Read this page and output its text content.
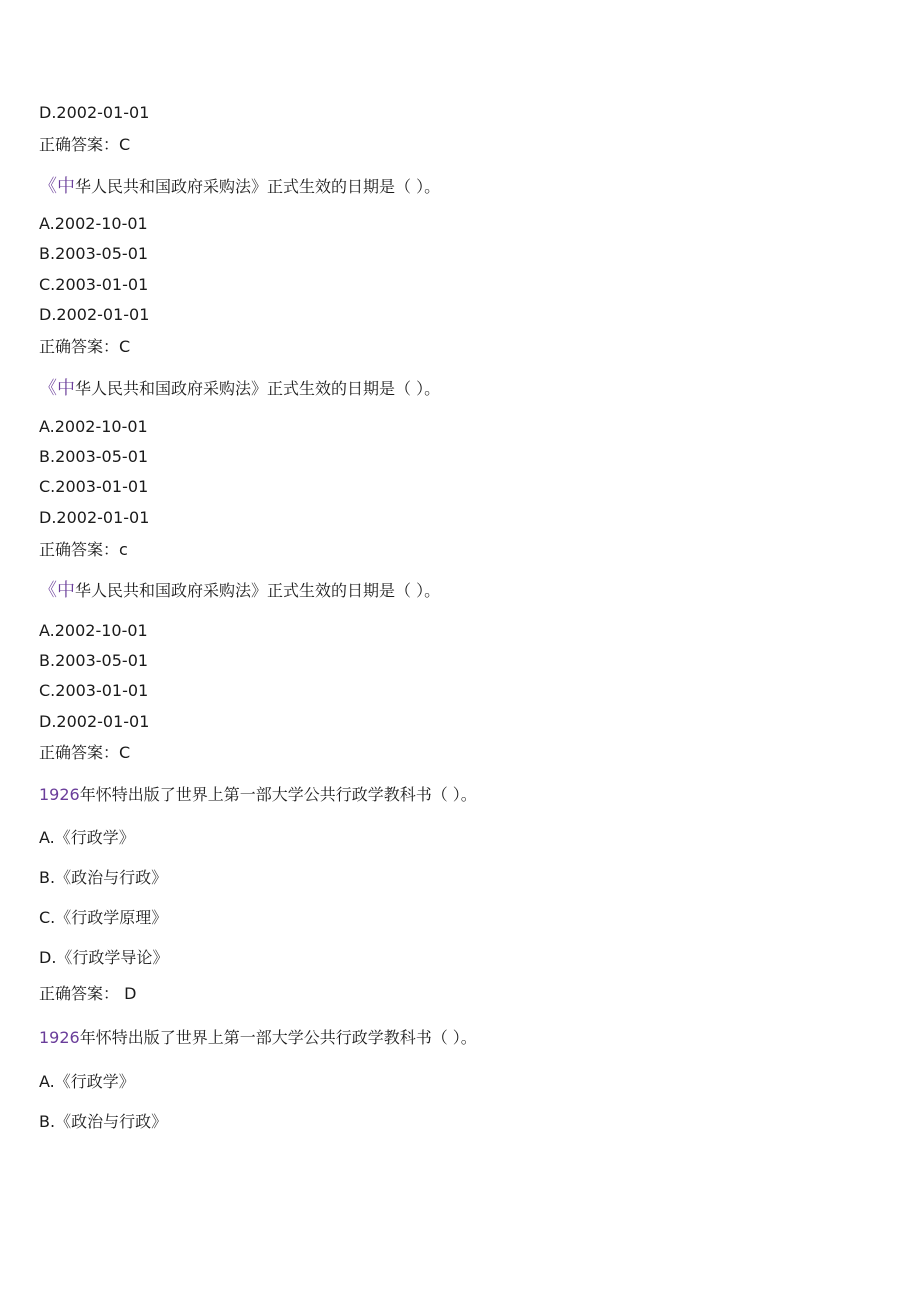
D.2002-01-01
正确答案：C
《中华人民共和国政府采购法》正式生效的日期是（ ）。
A.2002-10-01
B.2003-05-01
C.2003-01-01
D.2002-01-01
正确答案：C
《中华人民共和国政府采购法》正式生效的日期是（ ）。
A.2002-10-01
B.2003-05-01
C.2003-01-01
D.2002-01-01
正确答案：c
《中华人民共和国政府采购法》正式生效的日期是（ ）。
A.2002-10-01
B.2003-05-01
C.2003-01-01
D.2002-01-01
正确答案：C
1926年怀特出版了世界上第一部大学公共行政学教科书（ ）。
A.《行政学》
B.《政治与行政》
C.《行政学原理》
D.《行政学导论》
正确答案： D
1926年怀特出版了世界上第一部大学公共行政学教科书（ ）。
A.《行政学》
B.《政治与行政》
